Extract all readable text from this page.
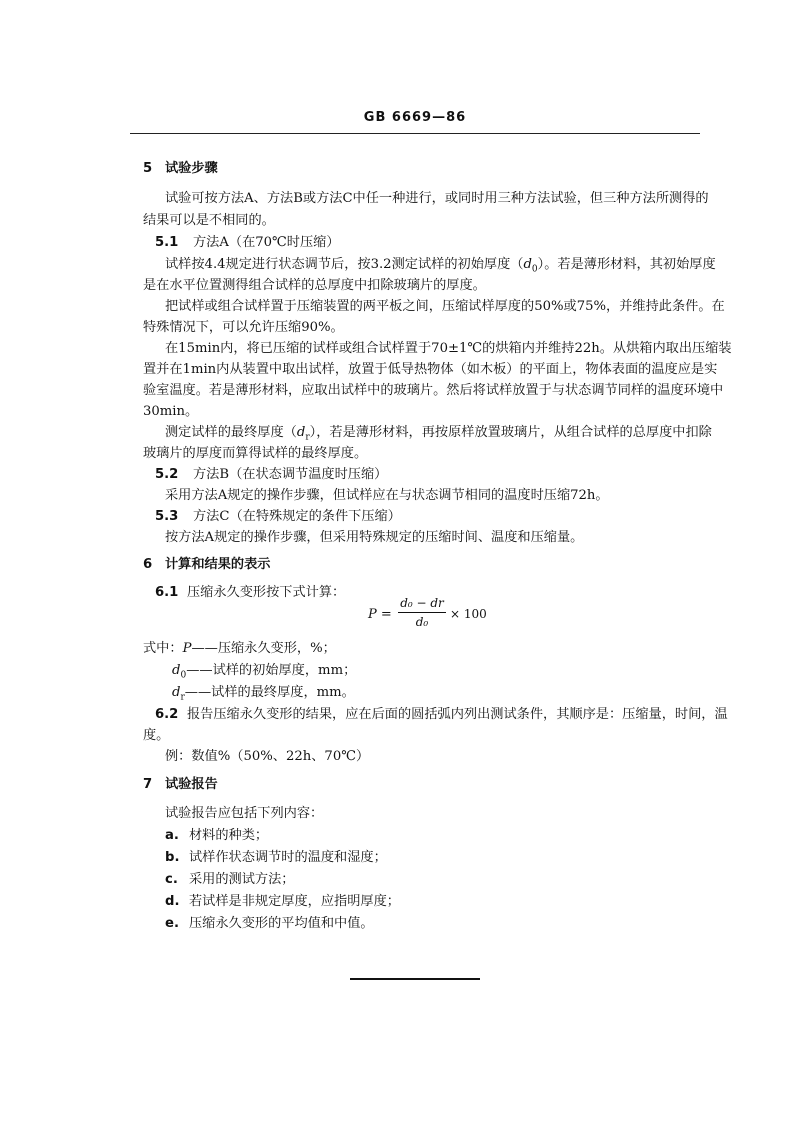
GB 6669—86
5 试验步骤
试验可按方法A、方法B或方法C中任一种进行，或同时用三种方法试验，但三种方法所测得的
结果可以是不相同的。
5.1 方法A（在70℃时压缩）
试样按4.4规定进行状态调节后，按3.2测定试样的初始厚度$(d_0)$。若是薄形材料，其初始厚度
是在水平位置测得组合试样的总厚度中扣除玻璃片的厚度。
把试样或组合试样置于压缩装置的两平板之间，压缩试样厚度的50%或75%，并维持此条件。在
特殊情况下，可以允许压缩90%。
在15min内，将已压缩的试样或组合试样置于70±1℃的烘箱内并维持22h。从烘箱内取出压缩装
置并在1min内从装置中取出试样，放置于低导热物体（如木板）的平面上，物体表面的温度应是实
验室温度。若是薄形材料，应取出试样中的玻璃片。然后将试样放置于与状态调节同样的温度环境中
30min。
测定试样的最终厚度$(d_r)$，若是薄形材料，再按原样放置玻璃片，从组合试样的总厚度中扣除
玻璃片的厚度而算得试样的最终厚度。
5.2 方法B（在状态调节温度时压缩）
采用方法A规定的操作步骤，但试样应在与状态调节相同的温度时压缩72h。
5.3 方法C（在特殊规定的条件下压缩）
按方法A规定的操作步骤，但采用特殊规定的压缩时间、温度和压缩量。
6 计算和结果的表示
6.1 压缩永久变形按下式计算：
P =
d₀ − dr
d₀
× 100
式中：P——压缩永久变形，%；
$d_0——$试样的初始厚度，mm；
$d_r——$试样的最终厚度，mm。
6.2 报告压缩永久变形的结果，应在后面的圆括弧内列出测试条件，其顺序是：压缩量，时间，温
度。
例：数值%（50%、22h、70℃）
7 试验报告
试验报告应包括下列内容：
a. 材料的种类；
b. 试样作状态调节时的温度和湿度；
c. 采用的测试方法；
d. 若试样是非规定厚度，应指明厚度；
e. 压缩永久变形的平均值和中值。
